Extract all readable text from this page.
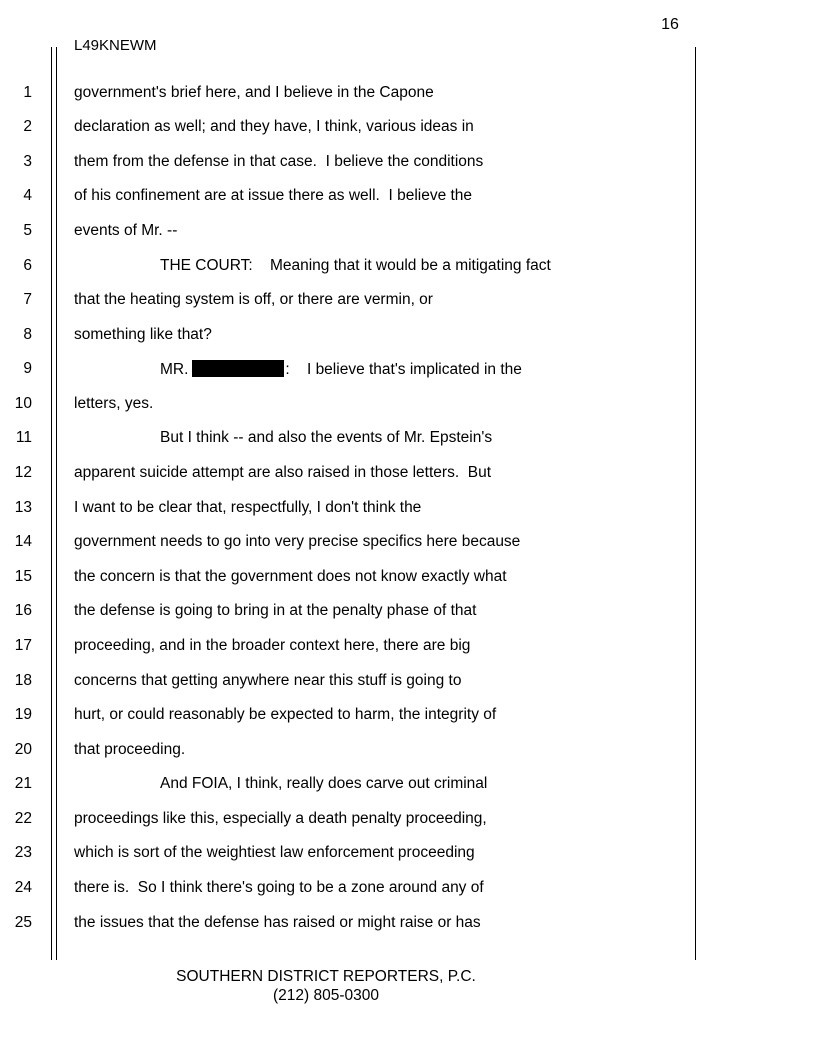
16
L49KNEWM
1	government's brief here, and I believe in the Capone
2	declaration as well; and they have, I think, various ideas in
3	them from the defense in that case.  I believe the conditions
4	of his confinement are at issue there as well.  I believe the
5	events of Mr. --
6	THE COURT:    Meaning that it would be a mitigating fact
7	that the heating system is off, or there are vermin, or
8	something like that?
9	MR.	:    I believe that's implicated in the
10	letters, yes.
11	But I think -- and also the events of Mr. Epstein's
12	apparent suicide attempt are also raised in those letters.  But
13	I want to be clear that, respectfully, I don't think the
14	government needs to go into very precise specifics here because
15	the concern is that the government does not know exactly what
16	the defense is going to bring in at the penalty phase of that
17	proceeding, and in the broader context here, there are big
18	concerns that getting anywhere near this stuff is going to
19	hurt, or could reasonably be expected to harm, the integrity of
20	that proceeding.
21	And FOIA, I think, really does carve out criminal
22	proceedings like this, especially a death penalty proceeding,
23	which is sort of the weightiest law enforcement proceeding
24	there is.  So I think there's going to be a zone around any of
25	the issues that the defense has raised or might raise or has
SOUTHERN DISTRICT REPORTERS, P.C.
(212) 805-0300
